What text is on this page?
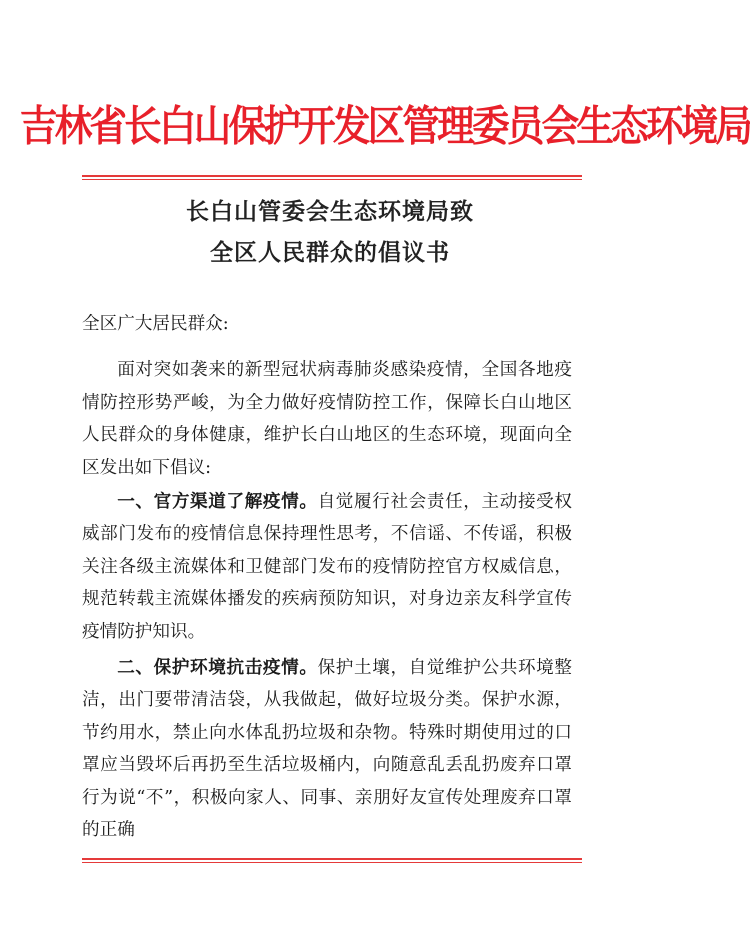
吉林省长白山保护开发区管理委员会生态环境局
长白山管委会生态环境局致
全区人民群众的倡议书

全区广大居民群众:

面对突如袭来的新型冠状病毒肺炎感染疫情，全国各地疫情防控形势严峻，为全力做好疫情防控工作，保障长白山地区人民群众的身体健康，维护长白山地区的生态环境，现面向全区发出如下倡议:

一、官方渠道了解疫情。自觉履行社会责任，主动接受权威部门发布的疫情信息保持理性思考，不信谣、不传谣，积极关注各级主流媒体和卫健部门发布的疫情防控官方权威信息，规范转载主流媒体播发的疾病预防知识，对身边亲友科学宣传疫情防护知识。

二、保护环境抗击疫情。保护土壤，自觉维护公共环境整洁，出门要带清洁袋，从我做起，做好垃圾分类。保护水源，节约用水，禁止向水体乱扔垃圾和杂物。特殊时期使用过的口罩应当毁坏后再扔至生活垃圾桶内，向随意乱丢乱扔废弃口罩行为说“不”，积极向家人、同事、亲朋好友宣传处理废弃口罩的正确
